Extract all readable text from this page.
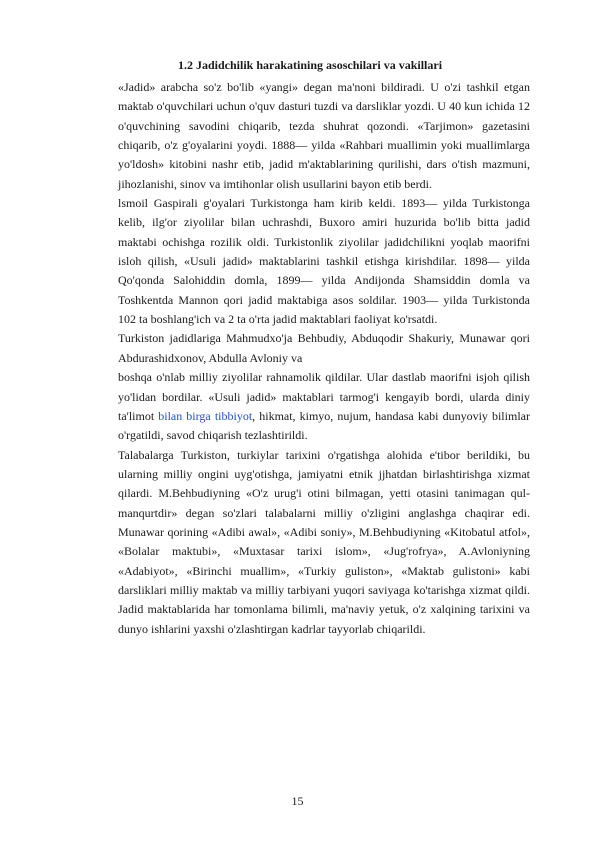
1.2 Jadidchilik harakatining asoschilari va vakillari

«Jadid» arabcha so'z bo'lib «yangi» degan ma'noni bildiradi. U o'zi tashkil etgan maktab o'quvchilari uchun o'quv dasturi tuzdi va darsliklar yozdi. U 40 kun ichida 12 o'quvchining savodini chiqarib, tezda shuhrat qozondi. «Tarjimon» gazetasini chiqarib, o'z g'oyalarini yoydi. 1888— yilda «Rahbari muallimin yoki muallimlarga yo'ldosh» kitobini nashr etib, jadid m'aktablarining qurilishi, dars o'tish mazmuni, jihozlanishi, sinov va imtihonlar olish usullarini bayon etib berdi.

lsmoil Gaspirali g'oyalari Turkistonga ham kirib keldi. 1893— yilda Turkistonga kelib, ilg'or ziyolilar bilan uchrashdi, Buxoro amiri huzurida bo'lib bitta jadid maktabi ochishga rozilik oldi. Turkistonlik ziyolilar jadidchilikni yoqlab maorifni isloh qilish, «Usuli jadid» maktablarini tashkil etishga kirishdilar. 1898— yilda Qo'qonda Salohiddin domla, 1899— yilda Andijonda Shamsiddin domla va Toshkentda Mannon qori jadid maktabiga asos soldilar. 1903— yilda Turkistonda 102 ta boshlang'ich va 2 ta o'rta jadid maktablari faoliyat ko'rsatdi.

Turkiston jadidlariga Mahmudxo'ja Behbudiy, Abduqodir Shakuriy, Munawar qori Abdurashidxonov, Abdulla Avloniy va

boshqa o'nlab milliy ziyolilar rahnamolik qildilar. Ular dastlab maorifni isjoh qilish yo'lidan bordilar. «Usuli jadid» maktablari tarmog'i kengayib bordi, ularda diniy ta'limot bilan birga tibbiyot, hikmat, kimyo, nujum, handasa kabi dunyoviy bilimlar o'rgatildi, savod chiqarish tezlashtirildi.

Talabalarga Turkiston, turkiylar tarixini o'rgatishga alohida e'tibor berildiki, bu ularning milliy ongini uyg'otishga, jamiyatni etnik jjhatdan birlashtirishga xizmat qilardi. M.Behbudiyning «O'z urug'i otini bilmagan, yetti otasini tanimagan qul-manqurtdir» degan so'zlari talabalarni milliy o'zligini anglashga chaqirar edi. Munawar qorining «Adibi awal», «Adibi soniy», M.Behbudiyning «Kitobatul atfol», «Bolalar maktubi», «Muxtasar tarixi islom», «Jug'rofrya», A.Avloniyning «Adabiyot», «Birinchi muallim», «Turkiy guliston», «Maktab gulistoni» kabi darsliklari milliy maktab va milliy tarbiyani yuqori saviyaga ko'tarishga xizmat qildi. Jadid maktablarida har tomonlama bilimli, ma'naviy yetuk, o'z xalqining tarixini va dunyo ishlarini yaxshi o'zlashtirgan kadrlar tayyorlab chiqarildi.

15
